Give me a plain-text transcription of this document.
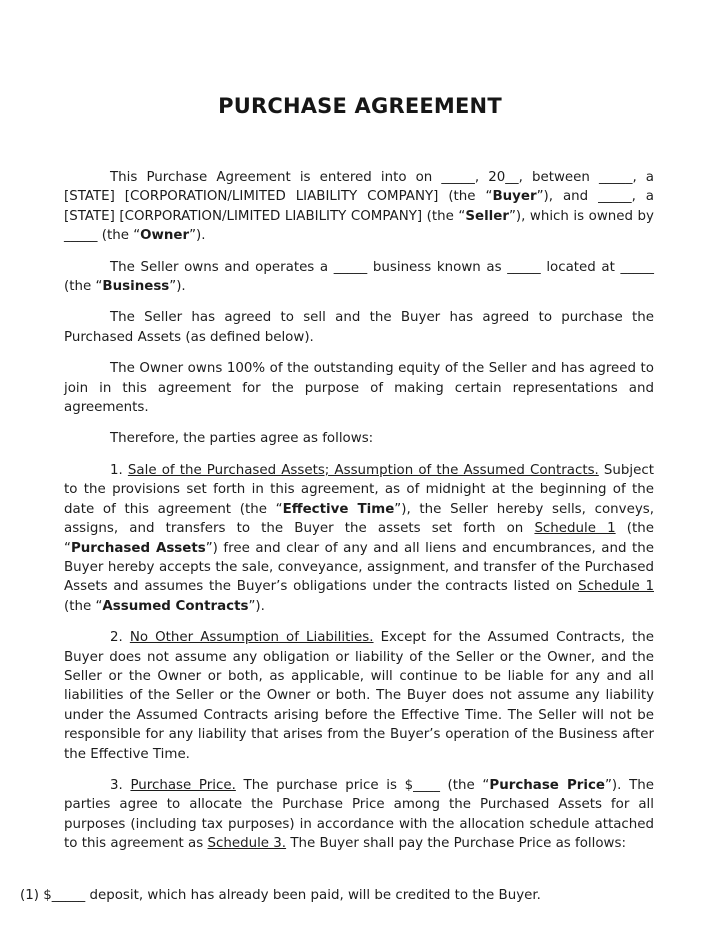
PURCHASE AGREEMENT

This Purchase Agreement is entered into on _____, 20__, between _____, a [STATE] [CORPORATION/LIMITED LIABILITY COMPANY] (the “Buyer”), and _____, a [STATE] [CORPORATION/LIMITED LIABILITY COMPANY] (the “Seller”), which is owned by _____ (the “Owner”).

The Seller owns and operates a _____ business known as _____ located at _____ (the “Business”).

The Seller has agreed to sell and the Buyer has agreed to purchase the Purchased Assets (as defined below).

The Owner owns 100% of the outstanding equity of the Seller and has agreed to join in this agreement for the purpose of making certain representations and agreements.

Therefore, the parties agree as follows:

1. Sale of the Purchased Assets; Assumption of the Assumed Contracts. Subject to the provisions set forth in this agreement, as of midnight at the beginning of the date of this agreement (the “Effective Time”), the Seller hereby sells, conveys, assigns, and transfers to the Buyer the assets set forth on Schedule 1 (the “Purchased Assets”) free and clear of any and all liens and encumbrances, and the Buyer hereby accepts the sale, conveyance, assignment, and transfer of the Purchased Assets and assumes the Buyer’s obligations under the contracts listed on Schedule 1 (the “Assumed Contracts”).

2. No Other Assumption of Liabilities. Except for the Assumed Contracts, the Buyer does not assume any obligation or liability of the Seller or the Owner, and the Seller or the Owner or both, as applicable, will continue to be liable for any and all liabilities of the Seller or the Owner or both. The Buyer does not assume any liability under the Assumed Contracts arising before the Effective Time. The Seller will not be responsible for any liability that arises from the Buyer’s operation of the Business after the Effective Time.

3. Purchase Price. The purchase price is $____ (the “Purchase Price”). The parties agree to allocate the Purchase Price among the Purchased Assets for all purposes (including tax purposes) in accordance with the allocation schedule attached to this agreement as Schedule 3. The Buyer shall pay the Purchase Price as follows:

(1) $_____ deposit, which has already been paid, will be credited to the Buyer.
